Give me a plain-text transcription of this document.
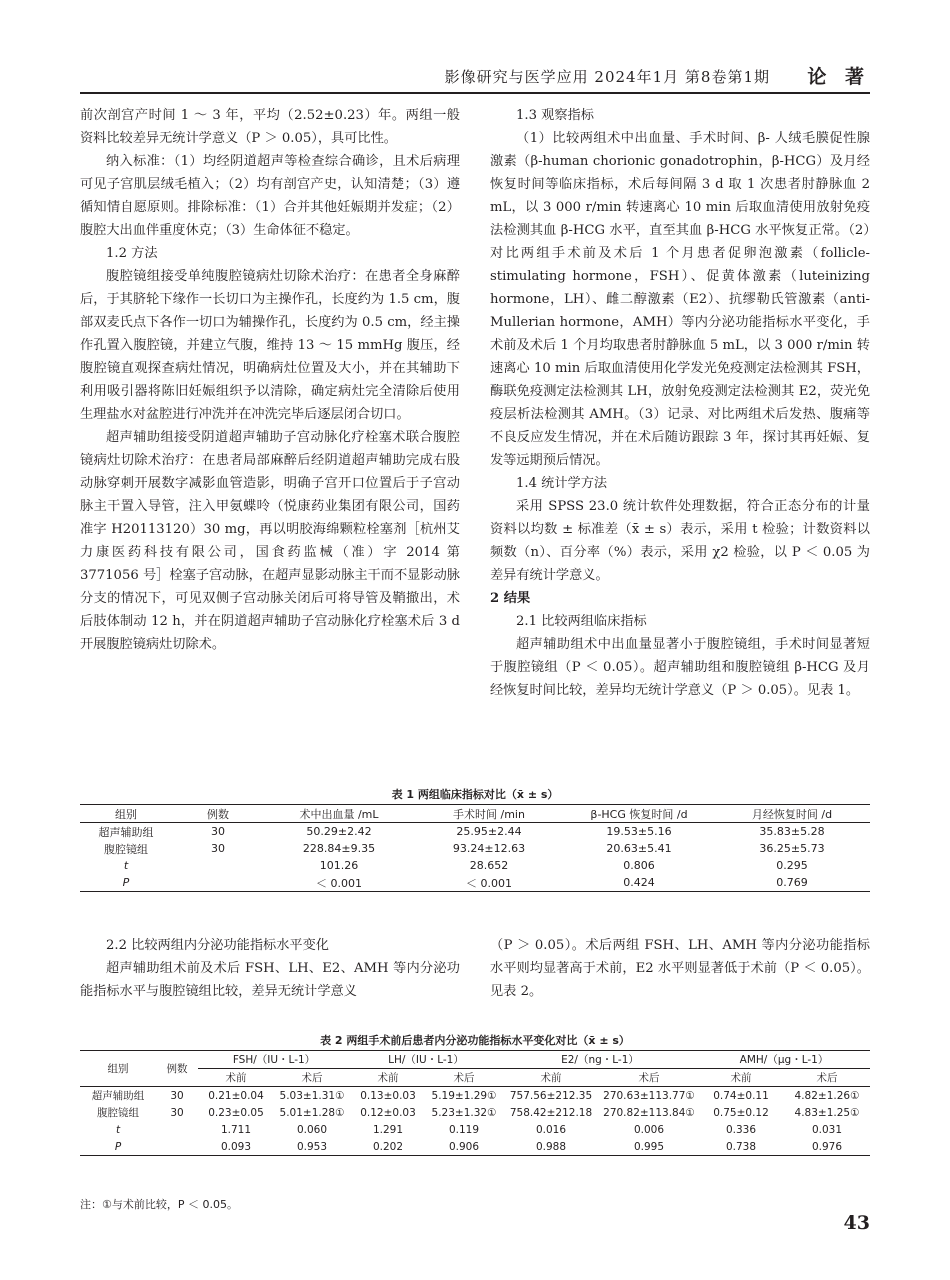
影像研究与医学应用 2024年1月 第8卷第1期 论 著

前次剖宫产时间 1 ～ 3 年，平均（2.52±0.23）年。两组一般资料比较差异无统计学意义（P ＞ 0.05），具可比性。

纳入标准：（1）均经阴道超声等检查综合确诊，且术后病理可见子宫肌层绒毛植入；（2）均有剖宫产史，认知清楚；（3）遵循知情自愿原则。排除标准：（1）合并其他妊娠期并发症；（2）腹腔大出血伴重度休克；（3）生命体征不稳定。

1.2 方法

腹腔镜组接受单纯腹腔镜病灶切除术治疗：在患者全身麻醉后，于其脐轮下缘作一长切口为主操作孔，长度约为 1.5 cm，腹部双麦氏点下各作一切口为辅操作孔，长度约为 0.5 cm，经主操作孔置入腹腔镜，并建立气腹，维持 13 ～ 15 mmHg 腹压，经腹腔镜直观探查病灶情况，明确病灶位置及大小，并在其辅助下利用吸引器将陈旧妊娠组织予以清除，确定病灶完全清除后使用生理盐水对盆腔进行冲洗并在冲洗完毕后逐层闭合切口。

超声辅助组接受阴道超声辅助子宫动脉化疗栓塞术联合腹腔镜病灶切除术治疗：在患者局部麻醉后经阴道超声辅助完成右股动脉穿刺开展数字减影血管造影，明确子宫开口位置后于子宫动脉主干置入导管，注入甲氨蝶呤（悦康药业集团有限公司，国药准字 H20113120）30 mg，再以明胶海绵颗粒栓塞剂［杭州艾力康医药科技有限公司，国食药监械（准）字 2014 第 3771056 号］栓塞子宫动脉，在超声显影动脉主干而不显影动脉分支的情况下，可见双侧子宫动脉关闭后可将导管及鞘撤出，术后肢体制动 12 h，并在阴道超声辅助子宫动脉化疗栓塞术后 3 d 开展腹腔镜病灶切除术。

1.3 观察指标

（1）比较两组术中出血量、手术时间、β- 人绒毛膜促性腺激素（β-human chorionic gonadotrophin，β-HCG）及月经恢复时间等临床指标，术后每间隔 3 d 取 1 次患者肘静脉血 2 mL，以 3 000 r/min 转速离心 10 min 后取血清使用放射免疫法检测其血 β-HCG 水平，直至其血 β-HCG 水平恢复正常。（2）对比两组手术前及术后 1 个月患者促卵泡激素（follicle-stimulating hormone，FSH）、促黄体激素（luteinizing hormone，LH）、雌二醇激素（E2）、抗缪勒氏管激素（anti-Mullerian hormone，AMH）等内分泌功能指标水平变化，手术前及术后 1 个月均取患者肘静脉血 5 mL，以 3 000 r/min 转速离心 10 min 后取血清使用化学发光免疫测定法检测其 FSH，酶联免疫测定法检测其 LH，放射免疫测定法检测其 E2，荧光免疫层析法检测其 AMH。（3）记录、对比两组术后发热、腹痛等不良反应发生情况，并在术后随访跟踪 3 年，探讨其再妊娠、复发等远期预后情况。

1.4 统计学方法

采用 SPSS 23.0 统计软件处理数据，符合正态分布的计量资料以均数 ± 标准差（x̄ ± s）表示，采用 t 检验；计数资料以频数（n）、百分率（%）表示，采用 χ2 检验，以 P ＜ 0.05 为差异有统计学意义。

2 结果

2.1 比较两组临床指标

超声辅助组术中出血量显著小于腹腔镜组，手术时间显著短于腹腔镜组（P ＜ 0.05）。超声辅助组和腹腔镜组 β-HCG 及月经恢复时间比较，差异均无统计学意义（P ＞ 0.05）。见表 1。

表 1 两组临床指标对比（x̄ ± s）
组别	例数	术中出血量 /mL	手术时间 /min	β-HCG 恢复时间 /d	月经恢复时间 /d
超声辅助组	30	50.29±2.42	25.95±2.44	19.53±5.16	35.83±5.28
腹腔镜组	30	228.84±9.35	93.24±12.63	20.63±5.41	36.25±5.73
t		101.26	28.652	0.806	0.295
P		＜ 0.001	＜ 0.001	0.424	0.769

2.2 比较两组内分泌功能指标水平变化

超声辅助组术前及术后 FSH、LH、E2、AMH 等内分泌功能指标水平与腹腔镜组比较，差异无统计学意义

（P ＞ 0.05）。术后两组 FSH、LH、AMH 等内分泌功能指标水平则均显著高于术前，E2 水平则显著低于术前（P ＜ 0.05）。见表 2。

表 2 两组手术前后患者内分泌功能指标水平变化对比（x̄ ± s）
组别	例数	FSH/（IU・L-1）		LH/（IU・L-1）		E2/（ng・L-1）		AMH/（μg・L-1）	
		术前	术后	术前	术后	术前	术后	术前	术后
超声辅助组	30	0.21±0.04	5.03±1.31①	0.13±0.03	5.19±1.29①	757.56±212.35	270.63±113.77①	0.74±0.11	4.82±1.26①
腹腔镜组	30	0.23±0.05	5.01±1.28①	0.12±0.03	5.23±1.32①	758.42±212.18	270.82±113.84①	0.75±0.12	4.83±1.25①
t		1.711	0.060	1.291	0.119	0.016	0.006	0.336	0.031
P		0.093	0.953	0.202	0.906	0.988	0.995	0.738	0.976
注：①与术前比较，P ＜ 0.05。
43
